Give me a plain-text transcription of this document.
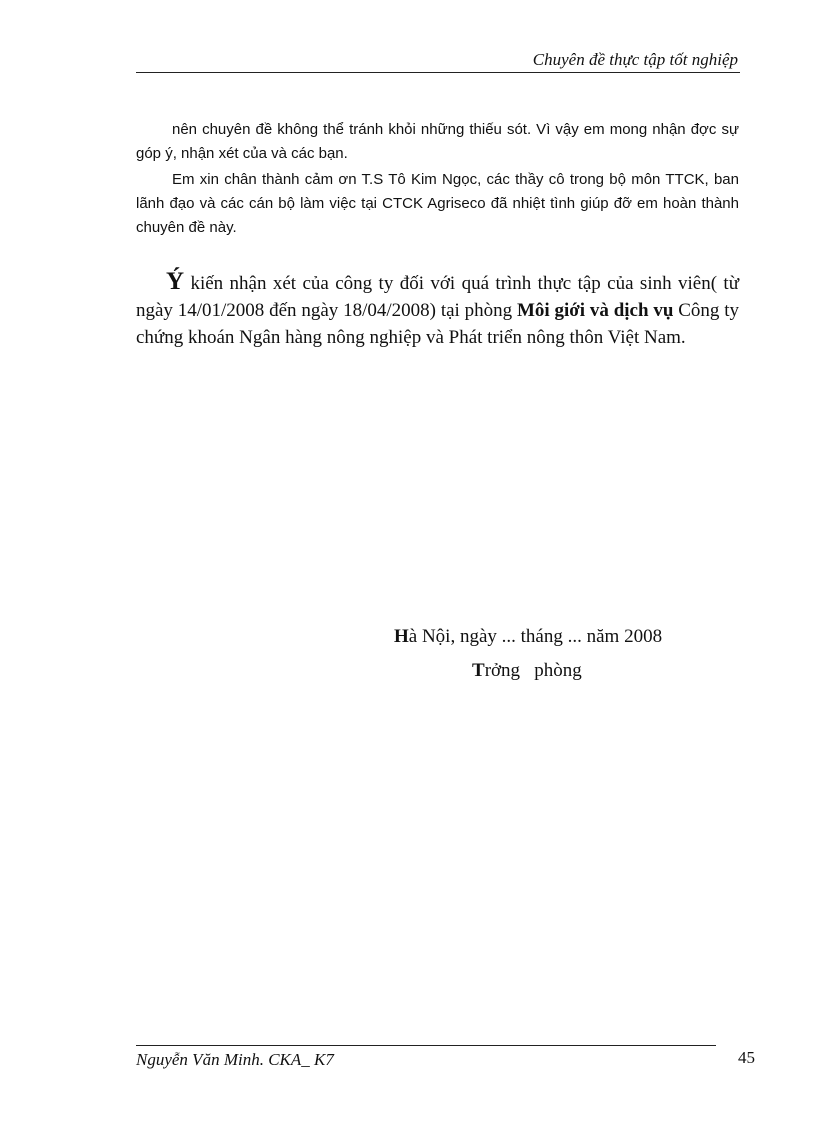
Chuyên đề thực tập tốt nghiệp

nên chuyên đề không thể tránh khỏi những thiếu sót. Vì vậy em mong nhận đợc sự góp ý, nhận xét của và các bạn.

Em xin chân thành cảm ơn T.S Tô Kim Ngọc, các thầy cô trong bộ môn TTCK, ban lãnh đạo và các cán bộ làm việc tại CTCK Agriseco đã nhiệt tình giúp đỡ em hoàn thành chuyên đề này.

Ý kiến nhận xét của công ty đối với quá trình thực tập của sinh viên( từ ngày 14/01/2008 đến ngày 18/04/2008) tại phòng Môi giới và dịch vụ Công ty chứng khoán Ngân hàng nông nghiệp và Phát triển nông thôn Việt Nam.

Hà Nội, ngày ... tháng ... năm 2008
Trởng   phòng
Nguyễn Văn Minh. CKA_ K7	45
